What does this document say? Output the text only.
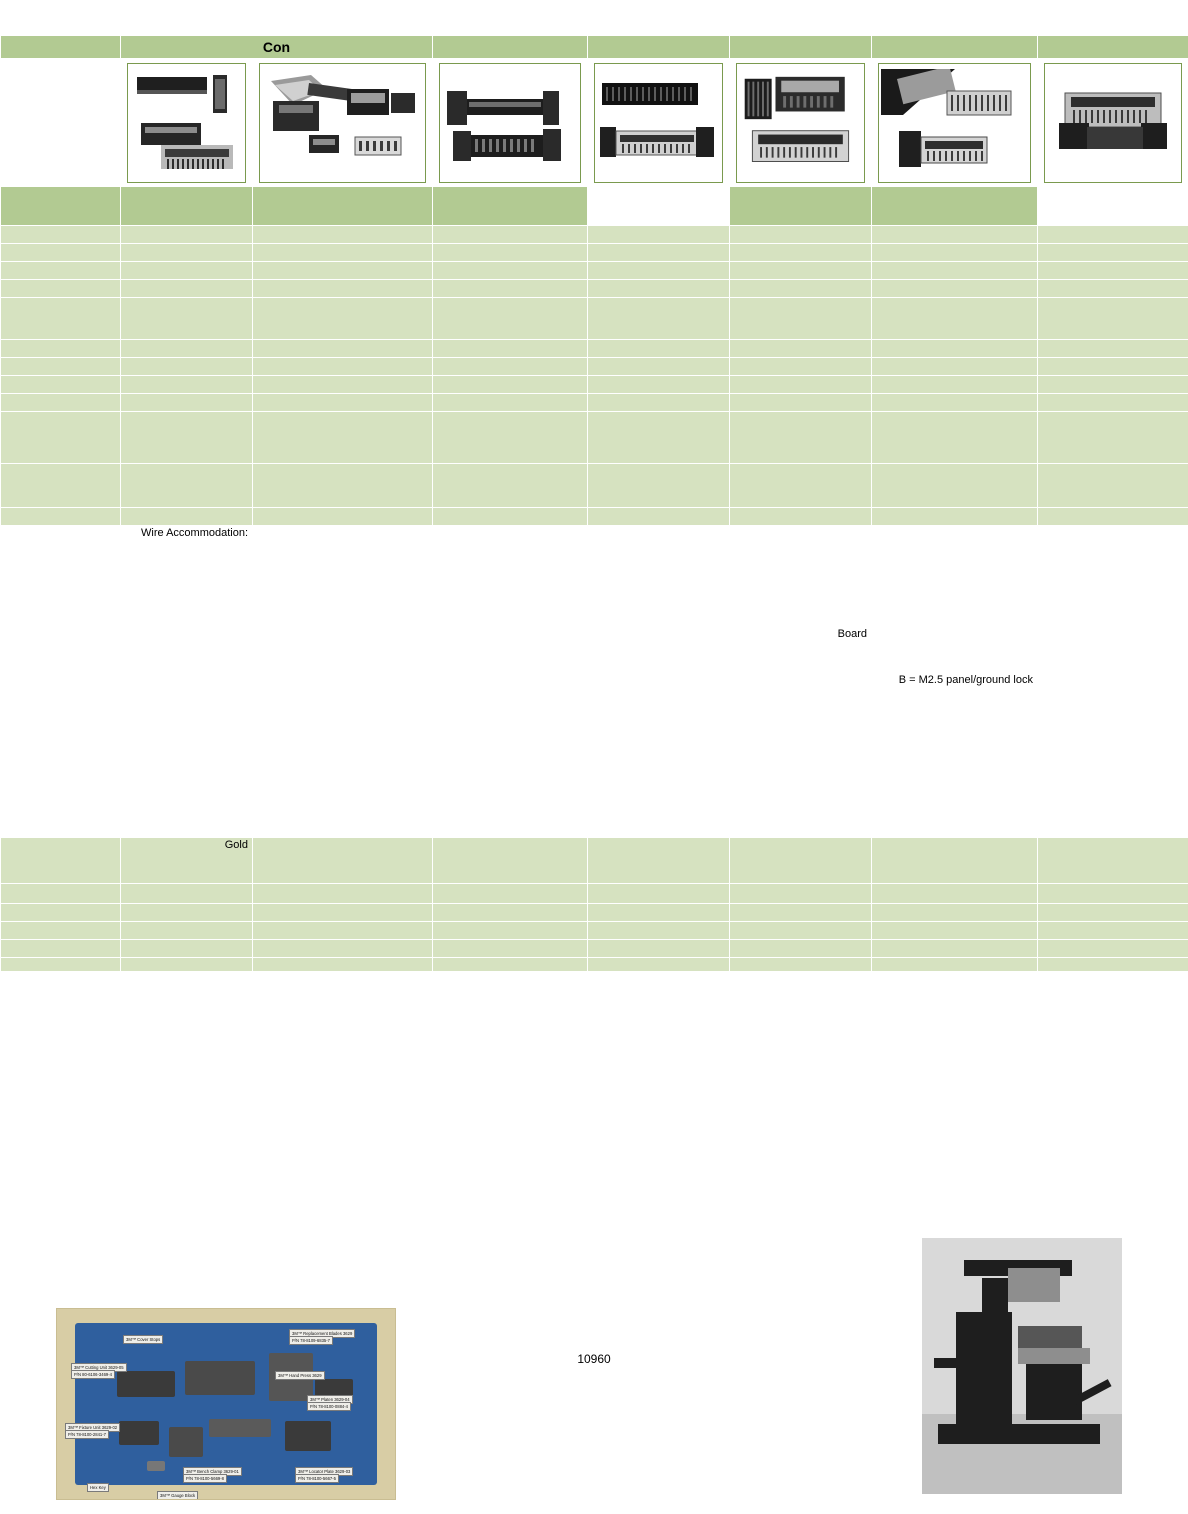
	Con						

	Wire Accommodation:				Board	B = M2.5 panel/ground lock	

	Gold						

3M™ Cover Stops
3M™ Replacement Blades 3629
P/N 78-8109-6835-7
3M™ Cutting Unit 3629-05
P/N 80-6106-3469-4	3M™ Hand Press 3629
3M™ Platen 3629-04
P/N 78-8100-0884-4
3M™ Fixture Unit 3629-02
P/N 78-8100-2841-7
3M™ Bench Clamp 3629-01
P/N 78-8100-5669-8
3M™ Locator Plate 3629-03
P/N 78-8100-5667-5
Hex Key
3M™ Gauge Block
10960
